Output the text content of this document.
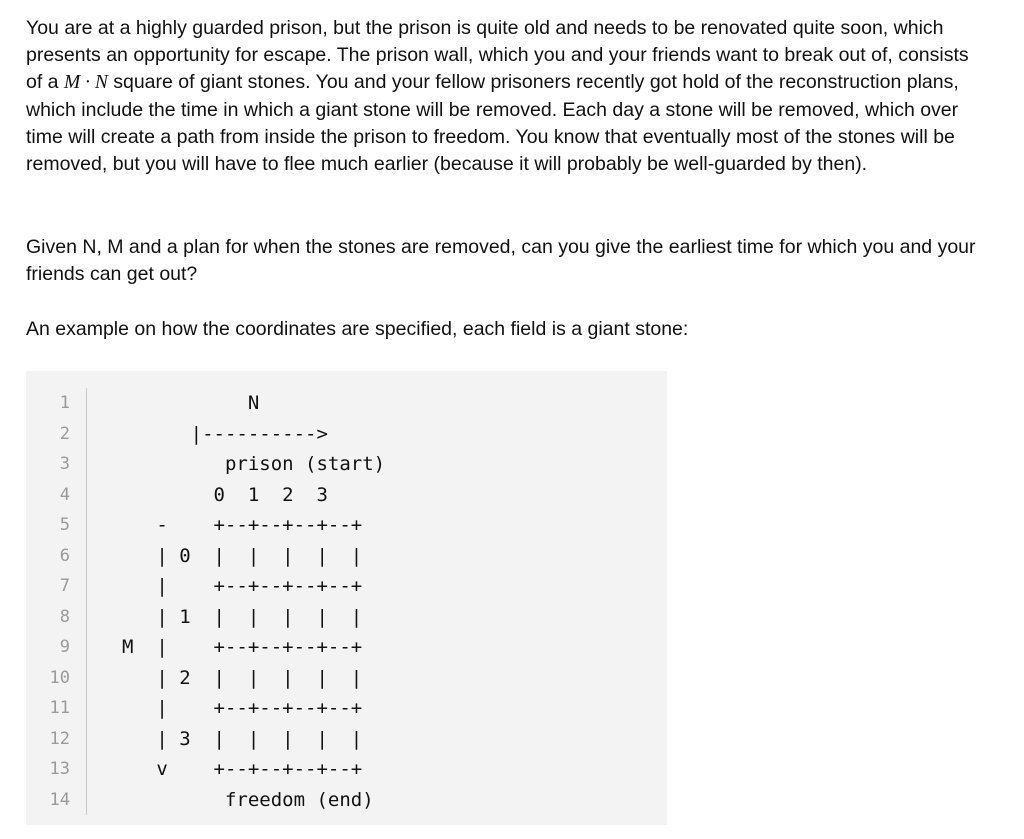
You are at a highly guarded prison, but the prison is quite old and needs to be renovated quite soon, which presents an opportunity for escape. The prison wall, which you and your friends want to break out of, consists of a M · N square of giant stones. You and your fellow prisoners recently got hold of the reconstruction plans, which include the time in which a giant stone will be removed. Each day a stone will be removed, which over time will create a path from inside the prison to freedom. You know that eventually most of the stones will be removed, but you will have to flee much earlier (because it will probably be well-guarded by then).

Given N, M and a plan for when the stones are removed, can you give the earliest time for which you and your friends can get out?

An example on how the coordinates are specified, each field is a giant stone:

1
2
3
4
5
6
7
8
9
10
11
12
13
14
N
|---------->
prison (start)
0  1  2  3
-    +--+--+--+--+
| 0  |  |  |  |  |
|    +--+--+--+--+
| 1  |  |  |  |  |
M  |    +--+--+--+--+
| 2  |  |  |  |  |
|    +--+--+--+--+
| 3  |  |  |  |  |
v    +--+--+--+--+
freedom (end)
